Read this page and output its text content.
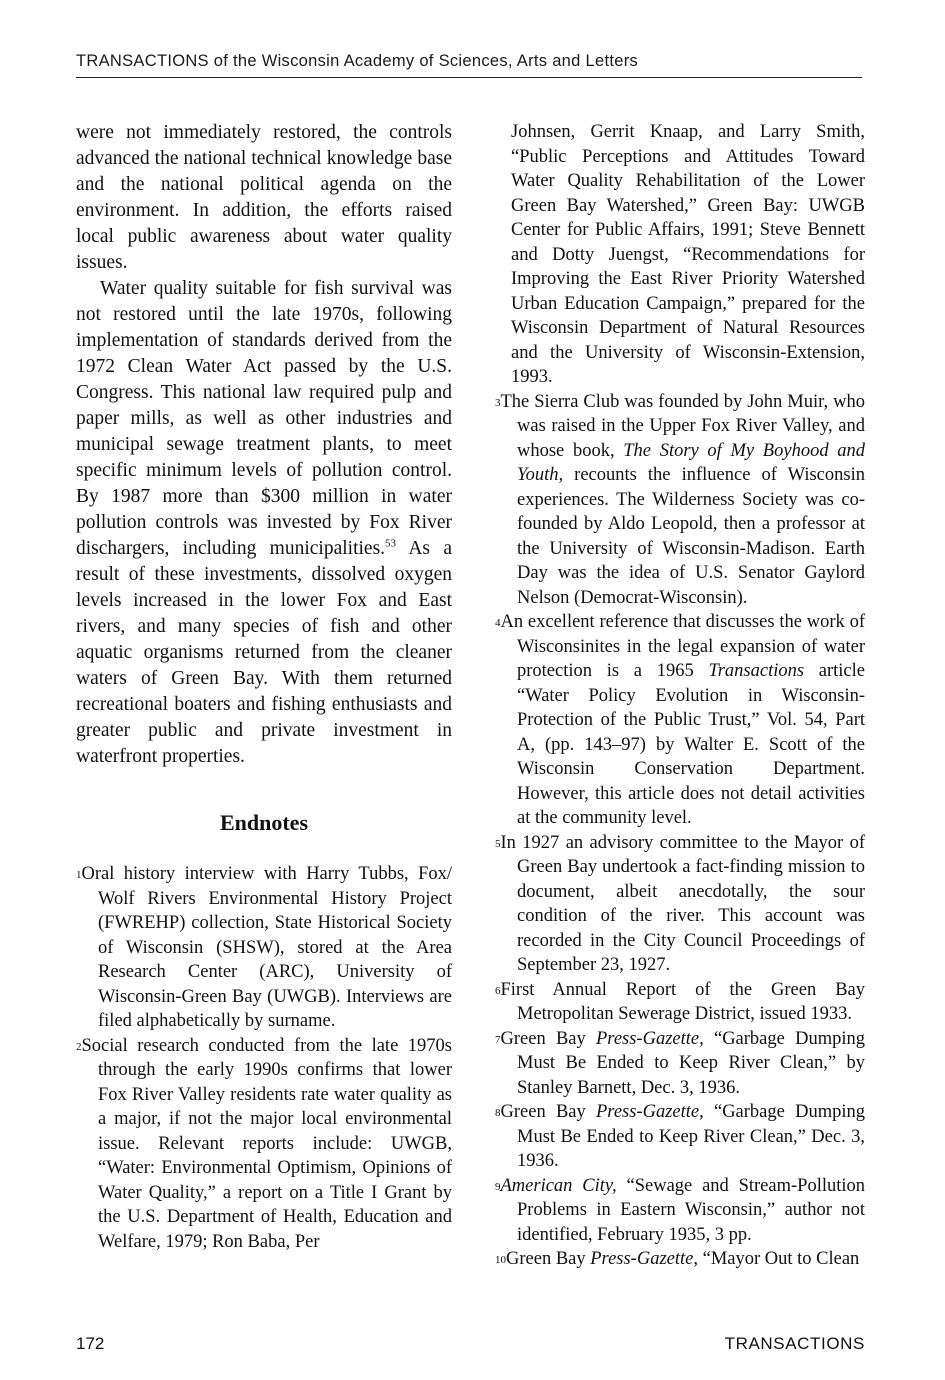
TRANSACTIONS of the Wisconsin Academy of Sciences, Arts and Letters

were not immediately restored, the controls advanced the national technical knowledge base and the national political agenda on the environment. In addition, the efforts raised local public awareness about water quality issues.

Water quality suitable for fish survival was not restored until the late 1970s, following implementation of standards derived from the 1972 Clean Water Act passed by the U.S. Congress. This national law required pulp and paper mills, as well as other industries and municipal sewage treatment plants, to meet specific minimum levels of pollution control. By 1987 more than $300 million in water pollution controls was invested by Fox River dischargers, including municipalities.$^{53}$ As a result of these investments, dissolved oxygen levels increased in the lower Fox and East rivers, and many species of fish and other aquatic organisms returned from the cleaner waters of Green Bay. With them returned recreational boaters and fishing enthusiasts and greater public and private investment in waterfront properties.

Endnotes

$^1$Oral history interview with Harry Tubbs, Fox/ Wolf Rivers Environmental History Project (FWREHP) collection, State Historical Society of Wisconsin (SHSW), stored at the Area Research Center (ARC), University of Wisconsin-Green Bay (UWGB). Interviews are filed alphabetically by surname.

$^2$Social research conducted from the late 1970s through the early 1990s confirms that lower Fox River Valley residents rate water quality as a major, if not the major local environmental issue. Relevant reports include: UWGB, “Water: Environmental Optimism, Opinions of Water Quality,” a report on a Title I Grant by the U.S. Department of Health, Education and Welfare, 1979; Ron Baba, Per

Johnsen, Gerrit Knaap, and Larry Smith, “Public Perceptions and Attitudes Toward Water Quality Rehabilitation of the Lower Green Bay Watershed,” Green Bay: UWGB Center for Public Affairs, 1991; Steve Bennett and Dotty Juengst, “Recommendations for Improving the East River Priority Watershed Urban Education Campaign,” prepared for the Wisconsin Department of Natural Resources and the University of Wisconsin-Extension, 1993.

$^3$The Sierra Club was founded by John Muir, who was raised in the Upper Fox River Valley, and whose book, The Story of My Boyhood and Youth, recounts the influence of Wisconsin experiences. The Wilderness Society was co-founded by Aldo Leopold, then a professor at the University of Wisconsin-Madison. Earth Day was the idea of U.S. Senator Gaylord Nelson (Democrat-Wisconsin).

$^4$An excellent reference that discusses the work of Wisconsinites in the legal expansion of water protection is a 1965 Transactions article “Water Policy Evolution in Wisconsin-Protection of the Public Trust,” Vol. 54, Part A, (pp. 143–97) by Walter E. Scott of the Wisconsin Conservation Department. However, this article does not detail activities at the community level.

$^5$In 1927 an advisory committee to the Mayor of Green Bay undertook a fact-finding mission to document, albeit anecdotally, the sour condition of the river. This account was recorded in the City Council Proceedings of September 23, 1927.

$^6$First Annual Report of the Green Bay Metropolitan Sewerage District, issued 1933.

$^7$Green Bay Press-Gazette, “Garbage Dumping Must Be Ended to Keep River Clean,” by Stanley Barnett, Dec. 3, 1936.

$^8$Green Bay Press-Gazette, “Garbage Dumping Must Be Ended to Keep River Clean,” Dec. 3, 1936.

$^9$American City, “Sewage and Stream-Pollution Problems in Eastern Wisconsin,” author not identified, February 1935, 3 pp.

$^{10}$Green Bay Press-Gazette, “Mayor Out to Clean

172	TRANSACTIONS
